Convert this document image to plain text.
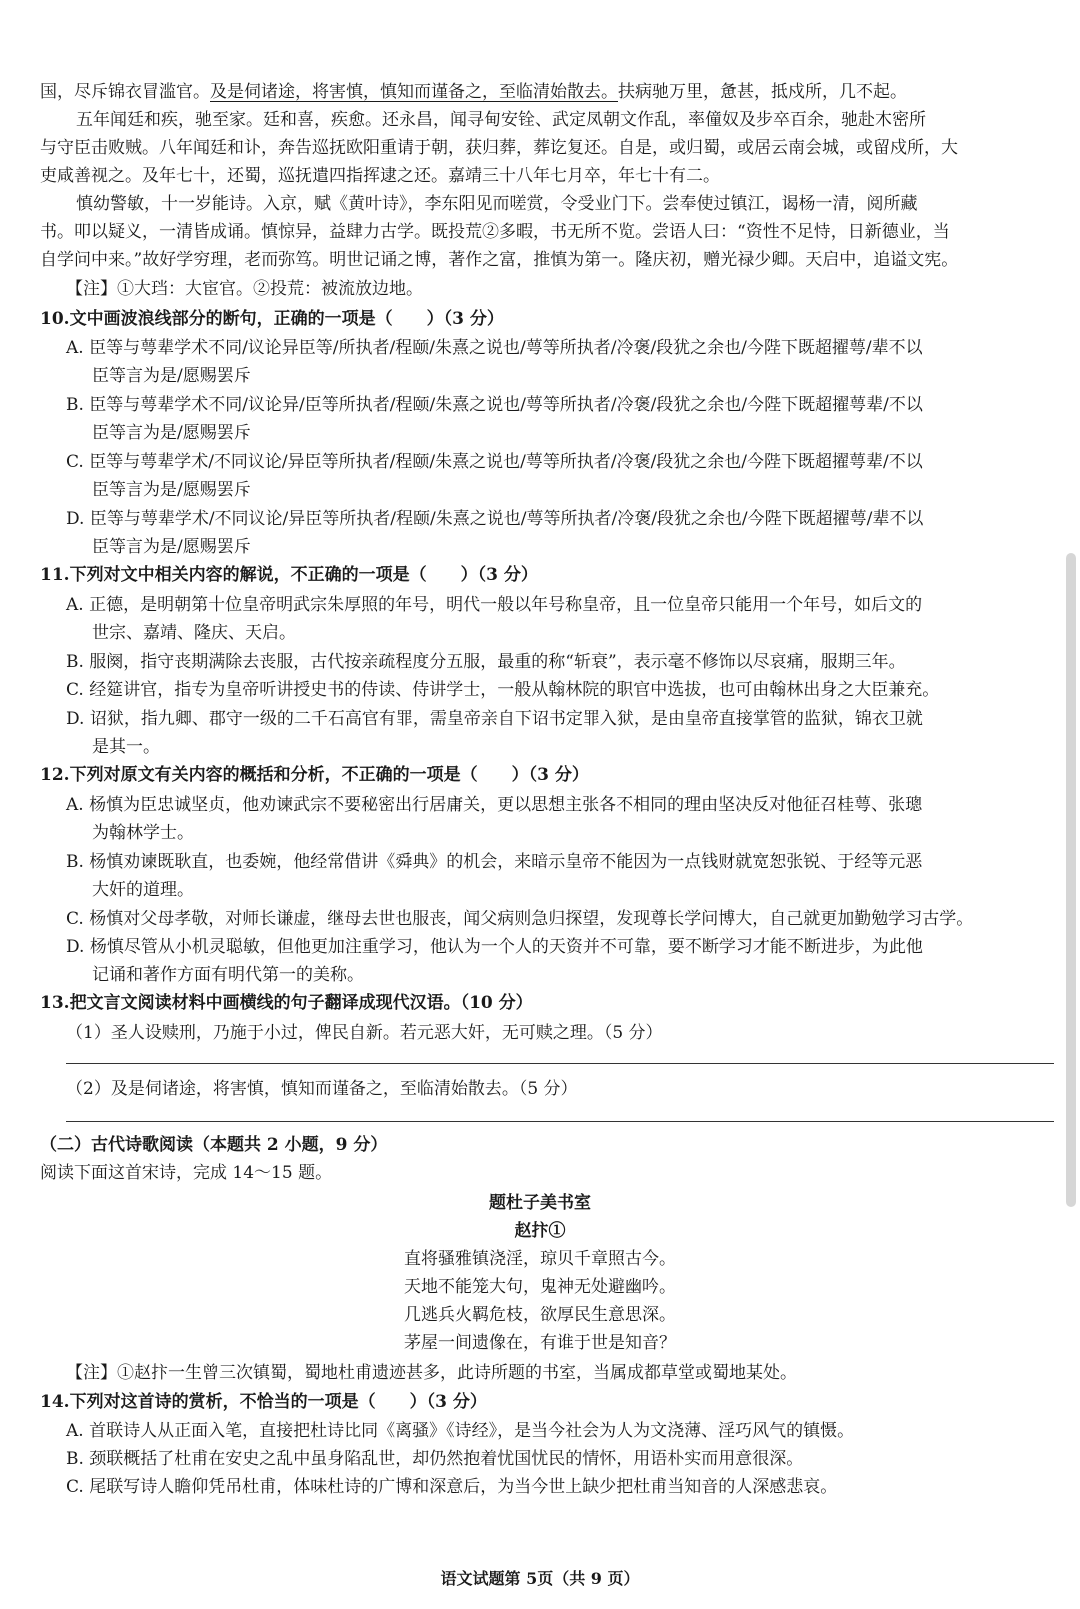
国，尽斥锦衣冒滥官。及是伺诸途，将害慎，慎知而谨备之，至临清始散去。扶病驰万里，惫甚，抵戍所，几不起。
五年闻廷和疾，驰至家。廷和喜，疾愈。还永昌，闻寻甸安铨、武定凤朝文作乱，率僮奴及步卒百余，驰赴木密所
与守臣击败贼。八年闻廷和讣，奔告巡抚欧阳重请于朝，获归葬，葬讫复还。自是，或归蜀，或居云南会城，或留戍所，大
吏咸善视之。及年七十，还蜀，巡抚遣四指挥逮之还。嘉靖三十八年七月卒，年七十有二。
慎幼警敏，十一岁能诗。入京，赋《黄叶诗》，李东阳见而嗟赏，令受业门下。尝奉使过镇江，谒杨一清，阅所藏
书。叩以疑义，一清皆成诵。慎惊异，益肆力古学。既投荒②多暇，书无所不览。尝语人曰：“资性不足恃，日新德业，当
自学问中来。”故好学穷理，老而弥笃。明世记诵之博，著作之富，推慎为第一。隆庆初，赠光禄少卿。天启中，追谥文宪。
【注】①大珰：大宦官。②投荒：被流放边地。
10.文中画波浪线部分的断句，正确的一项是（　　）（3 分）
A. 臣等与萼辈学术不同/议论异臣等/所执者/程颐/朱熹之说也/萼等所执者/冷褒/段犹之余也/今陛下既超擢萼/辈不以
臣等言为是/愿赐罢斥
B. 臣等与萼辈学术不同/议论异/臣等所执者/程颐/朱熹之说也/萼等所执者/冷褒/段犹之余也/今陛下既超擢萼辈/不以
臣等言为是/愿赐罢斥
C. 臣等与萼辈学术/不同议论/异臣等所执者/程颐/朱熹之说也/萼等所执者/冷褒/段犹之余也/今陛下既超擢萼辈/不以
臣等言为是/愿赐罢斥
D. 臣等与萼辈学术/不同议论/异臣等所执者/程颐/朱熹之说也/萼等所执者/冷褒/段犹之余也/今陛下既超擢萼/辈不以
臣等言为是/愿赐罢斥
11.下列对文中相关内容的解说，不正确的一项是（　　）（3 分）
A. 正德，是明朝第十位皇帝明武宗朱厚照的年号，明代一般以年号称皇帝，且一位皇帝只能用一个年号，如后文的
世宗、嘉靖、隆庆、天启。
B. 服阕，指守丧期满除去丧服，古代按亲疏程度分五服，最重的称“斩衰”，表示毫不修饰以尽哀痛，服期三年。
C. 经筵讲官，指专为皇帝听讲授史书的侍读、侍讲学士，一般从翰林院的职官中选拔，也可由翰林出身之大臣兼充。
D. 诏狱，指九卿、郡守一级的二千石高官有罪，需皇帝亲自下诏书定罪入狱，是由皇帝直接掌管的监狱，锦衣卫就
是其一。
12.下列对原文有关内容的概括和分析，不正确的一项是（　　）（3 分）
A. 杨慎为臣忠诚坚贞，他劝谏武宗不要秘密出行居庸关，更以思想主张各不相同的理由坚决反对他征召桂萼、张璁
为翰林学士。
B. 杨慎劝谏既耿直，也委婉，他经常借讲《舜典》的机会，来暗示皇帝不能因为一点钱财就宽恕张锐、于经等元恶
大奸的道理。
C. 杨慎对父母孝敬，对师长谦虚，继母去世也服丧，闻父病则急归探望，发现尊长学问博大，自己就更加勤勉学习古学。
D. 杨慎尽管从小机灵聪敏，但他更加注重学习，他认为一个人的天资并不可靠，要不断学习才能不断进步，为此他
记诵和著作方面有明代第一的美称。
13.把文言文阅读材料中画横线的句子翻译成现代汉语。（10 分）
（1）圣人设赎刑，乃施于小过，俾民自新。若元恶大奸，无可赎之理。（5 分）
（2）及是伺诸途，将害慎，慎知而谨备之，至临清始散去。（5 分）
（二）古代诗歌阅读（本题共 2 小题，9 分）
阅读下面这首宋诗，完成 14～15 题。
题杜子美书室
赵抃①
直将骚雅镇浇淫，琼贝千章照古今。
天地不能笼大句，鬼神无处避幽吟。
几逃兵火羁危枝，欲厚民生意思深。
茅屋一间遗像在，有谁于世是知音？
【注】①赵抃一生曾三次镇蜀，蜀地杜甫遗迹甚多，此诗所题的书室，当属成都草堂或蜀地某处。
14.下列对这首诗的赏析，不恰当的一项是（　　）（3 分）
A. 首联诗人从正面入笔，直接把杜诗比同《离骚》《诗经》，是当今社会为人为文浇薄、淫巧风气的镇慑。
B. 颈联概括了杜甫在安史之乱中虽身陷乱世，却仍然抱着忧国忧民的情怀，用语朴实而用意很深。
C. 尾联写诗人瞻仰凭吊杜甫，体味杜诗的广博和深意后，为当今世上缺少把杜甫当知音的人深感悲哀。
语文试题第 5页（共 9 页）
